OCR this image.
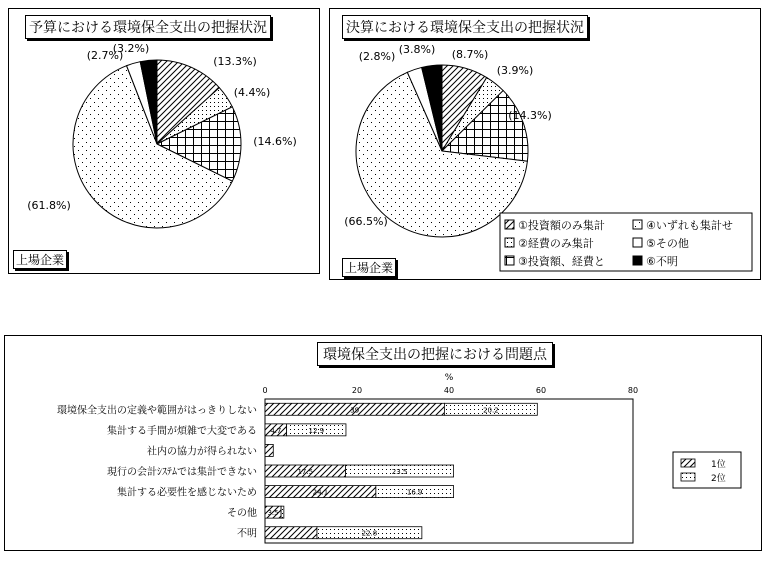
予算における環境保全支出の把握状況
(13.3%)
(4.4%)
(14.6%)
(61.8%)
(2.7%)
(3.2%)
上場企業
決算における環境保全支出の把握状況
(8.7%)
(3.9%)
(14.3%)
(66.5%)
(2.8%)
(3.8%)
①投資額のみ集計
②経費のみ集計
③投資額、経費と
④いずれも集計せ
⑤その他
⑥不明
上場企業
環境保全支出の把握における問題点
%
0	20	40	60	80
環境保全支出の定義や範囲がはっきりしない	39	20.2
集計する手間が煩雑で大変である 4.7	12.9
社内の協力が得られない
現行の会計ｼｽﾃﾑでは集計できない	17.5	23.5
集計する必要性を感じないため	24.1	16.9
その他 3.5
不明	22.8
1位
2位
